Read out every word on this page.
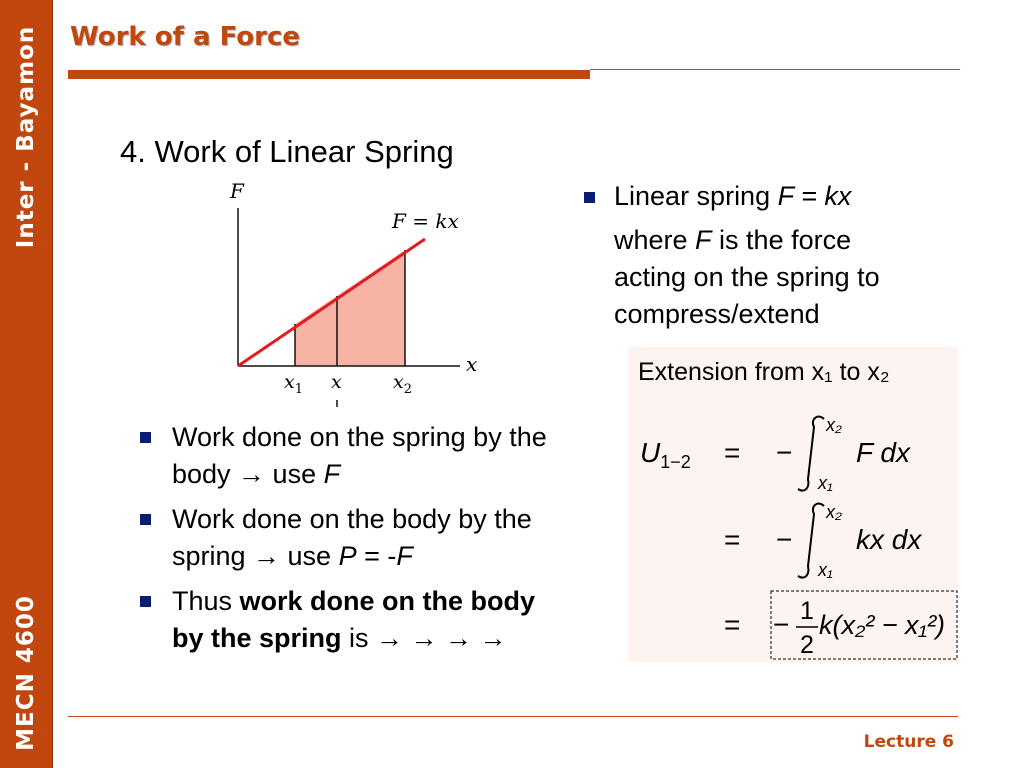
Inter - Bayamon
MECN 4600
Work of a Force
4. Work of Linear Spring
F
x
F = kx
$x_1$ x	$x_2$
Linear spring F = kx
where F is the force
acting on the spring to
compress/extend
Extension from x₁ to x₂
$U_{1-2}$ = −
x₂
x₁
F dx
= −
x₂
x₁
kx dx
= − 1
2
k(x₂² − x₁²)
Work done on the spring by the
body → use F
Work done on the body by the
spring → use P = -F
Thus work done on the body
by the spring is → → → →
Lecture 6
